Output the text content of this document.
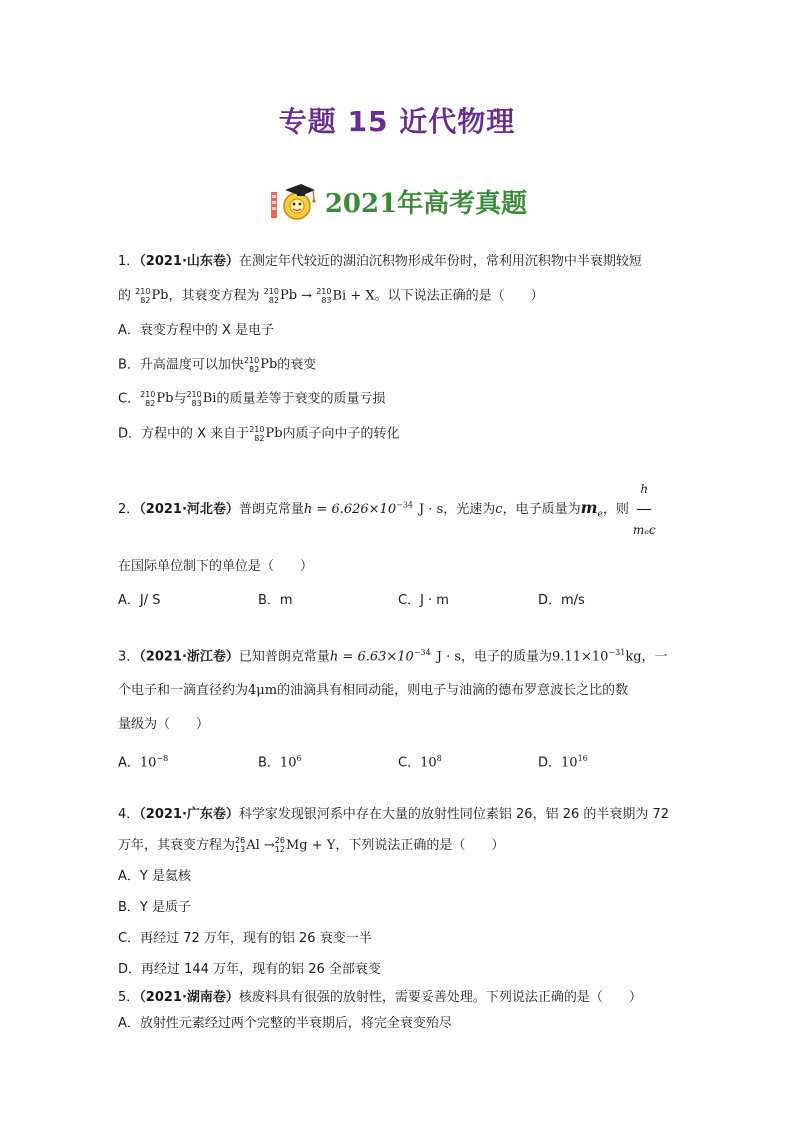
专题 15 近代物理
2021年高考真题
1．（2021·山东卷）在测定年代较近的湖泊沉积物形成年份时，常利用沉积物中半衰期较短
的 210
82 Pb ，其衰变方程为 210
82 Pb → 210
83 Bi + X。以下说法正确的是（　　）
A．衰变方程中的 X 是电子
B．升高温度可以加快 210
82 Pb 的衰变
C． 210
82 Pb 与 210
83 Bi 的质量差等于衰变的质量亏损
D．方程中的 X 来自于 210
82 Pb 内质子向中子的转化
2．（2021·河北卷）普朗克常量$h = 6.626\times 10^{-34}$ J · s，光速为c，电子质量为$m_e$，则 $\frac{h}{\text{mₑc}}$
在国际单位制下的单位是（　　）
A．J/ S	B．m	C．J · m	D．m/s
3．（2021·浙江卷）已知普朗克常量$h = 6.63\times 10^{-34}$ J · s，电子的质量为$9.11\times 10^{-31}kg$，一
个电子和一滴直径约为4μm的油滴具有相同动能，则电子与油滴的德布罗意波长之比的数
量级为（　　）
A．$10^{-8}$	B．$10^6$	C．$10^8$	D．$10^{16}$
4．（2021·广东卷）科学家发现银河系中存在大量的放射性同位素铝 26，铝 26 的半衰期为 72
万年，其衰变方程为 26
13 Al → 26
12 Mg + Y，下列说法正确的是（　　）
A．Y 是氦核
B．Y 是质子
C．再经过 72 万年，现有的铝 26 衰变一半
D．再经过 144 万年，现有的铝 26 全部衰变
5．（2021·湖南卷）核废料具有很强的放射性，需要妥善处理。下列说法正确的是（　　）
A．放射性元素经过两个完整的半衰期后，将完全衰变殆尽
